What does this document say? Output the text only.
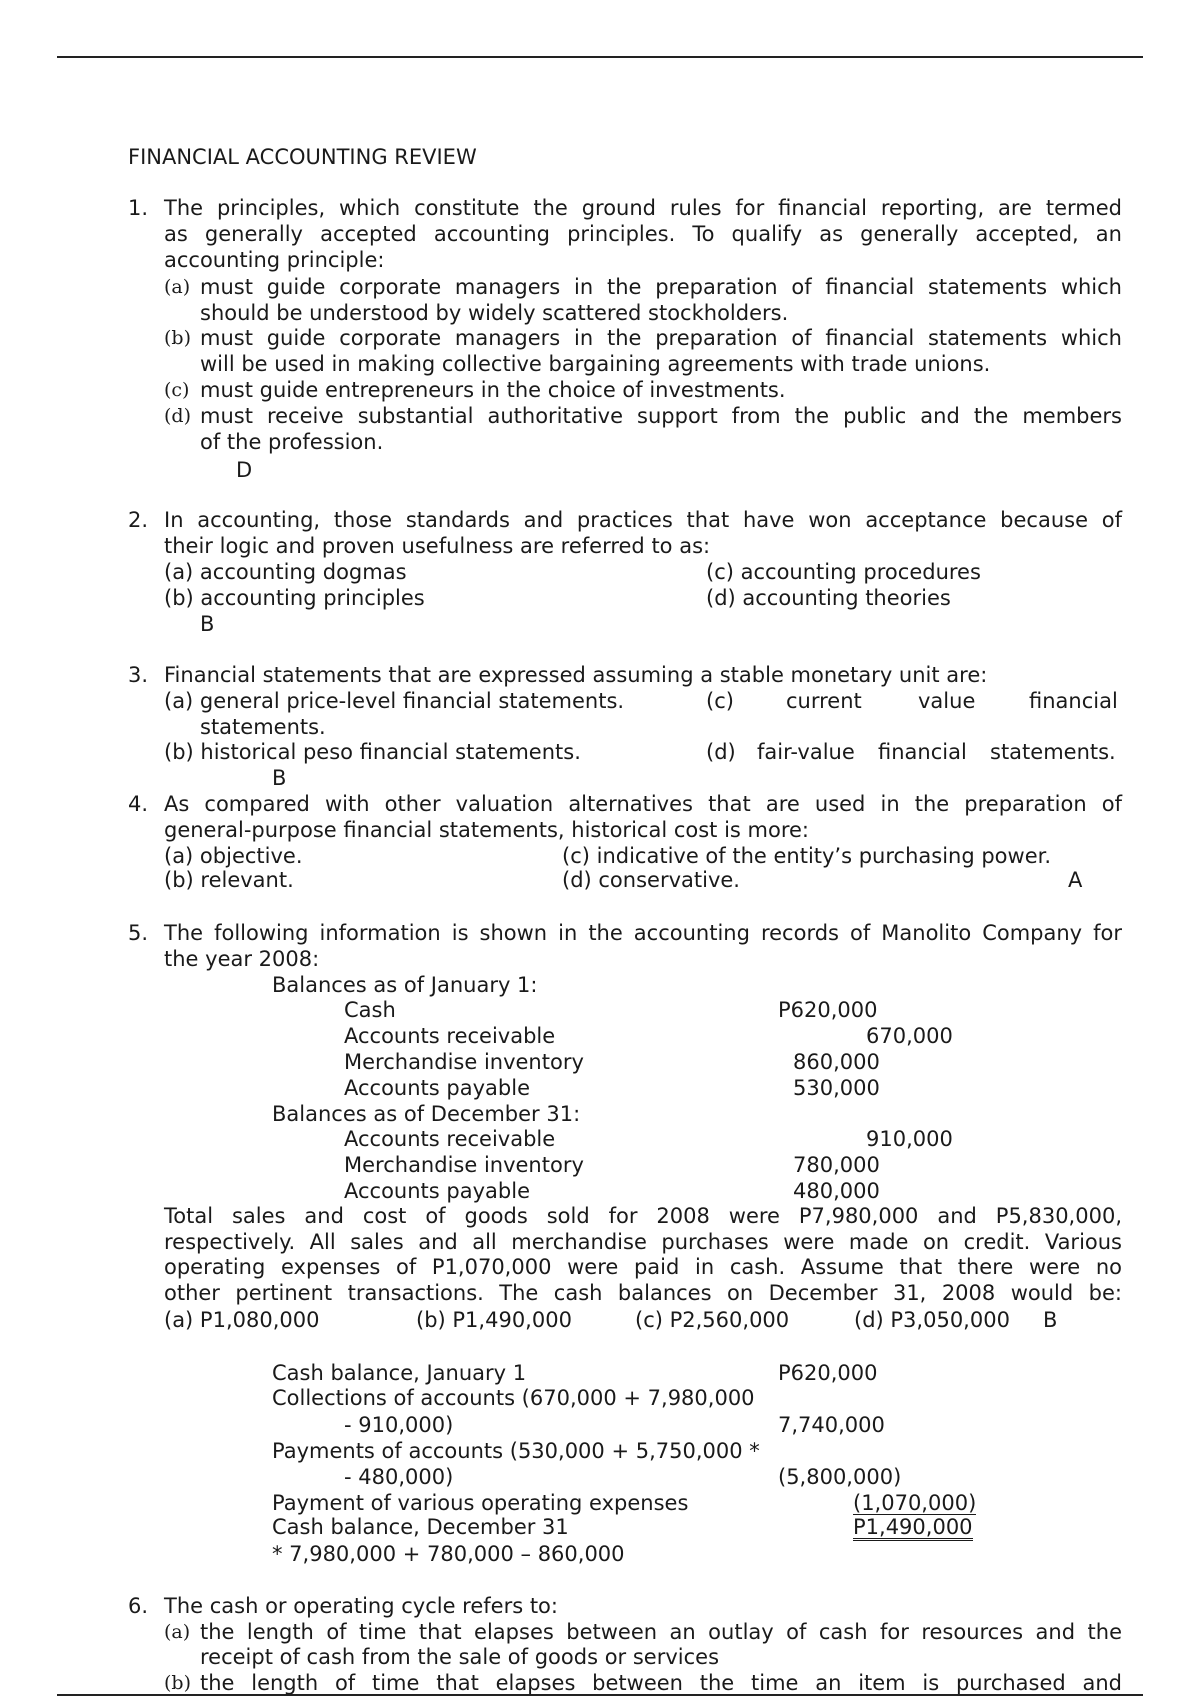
FINANCIAL ACCOUNTING REVIEW
1. The principles, which constitute the ground rules for financial reporting, are termed
as generally accepted accounting principles. To qualify as generally accepted, an
accounting principle:
(a) must guide corporate managers in the preparation of financial statements which
should be understood by widely scattered stockholders.
(b) must guide corporate managers in the preparation of financial statements which
will be used in making collective bargaining agreements with trade unions.
(c) must guide entrepreneurs in the choice of investments.
(d) must receive substantial authoritative support from the public and the members
of the profession.
D
2. In accounting, those standards and practices that have won acceptance because of
their logic and proven usefulness are referred to as:
(a) accounting dogmas	(c) accounting procedures
(b) accounting principles	(d) accounting theories
B
3. Financial statements that are expressed assuming a stable monetary unit are:
(a) general price-level financial statements.	(c) current	value	financial
statements.
(b) historical peso financial statements.	(d) fair-value financial statements.
B
4. As compared with other valuation alternatives that are used in the preparation of
general-purpose financial statements, historical cost is more:
(a) objective.	(c) indicative of the entity’s purchasing power.
(b) relevant.	(d) conservative.	A
5. The following information is shown in the accounting records of Manolito Company for
the year 2008:
Balances as of January 1:
Cash	P620,000
Accounts receivable	670,000
Merchandise inventory	860,000
Accounts payable	530,000
Balances as of December 31:
Accounts receivable	910,000
Merchandise inventory	780,000
Accounts payable	480,000
Total sales and cost of goods sold for 2008 were P7,980,000 and P5,830,000,
respectively. All sales and all merchandise purchases were made on credit. Various
operating expenses of P1,070,000 were paid in cash. Assume that there were no
other pertinent transactions. The cash balances on December 31, 2008 would be:
(a) P1,080,000	(b) P1,490,000	(c) P2,560,000	(d) P3,050,000 B
Cash balance, January 1	P620,000
Collections of accounts (670,000 + 7,980,000
- 910,000)	7,740,000
Payments of accounts (530,000 + 5,750,000 *
- 480,000)	(5,800,000)
Payment of various operating expenses	(1,070,000)
Cash balance, December 31	P1,490,000
* 7,980,000 + 780,000 – 860,000
6. The cash or operating cycle refers to:
(a) the length of time that elapses between an outlay of cash for resources and the
receipt of cash from the sale of goods or services
(b) the length of time that elapses between the time an item is purchased and
